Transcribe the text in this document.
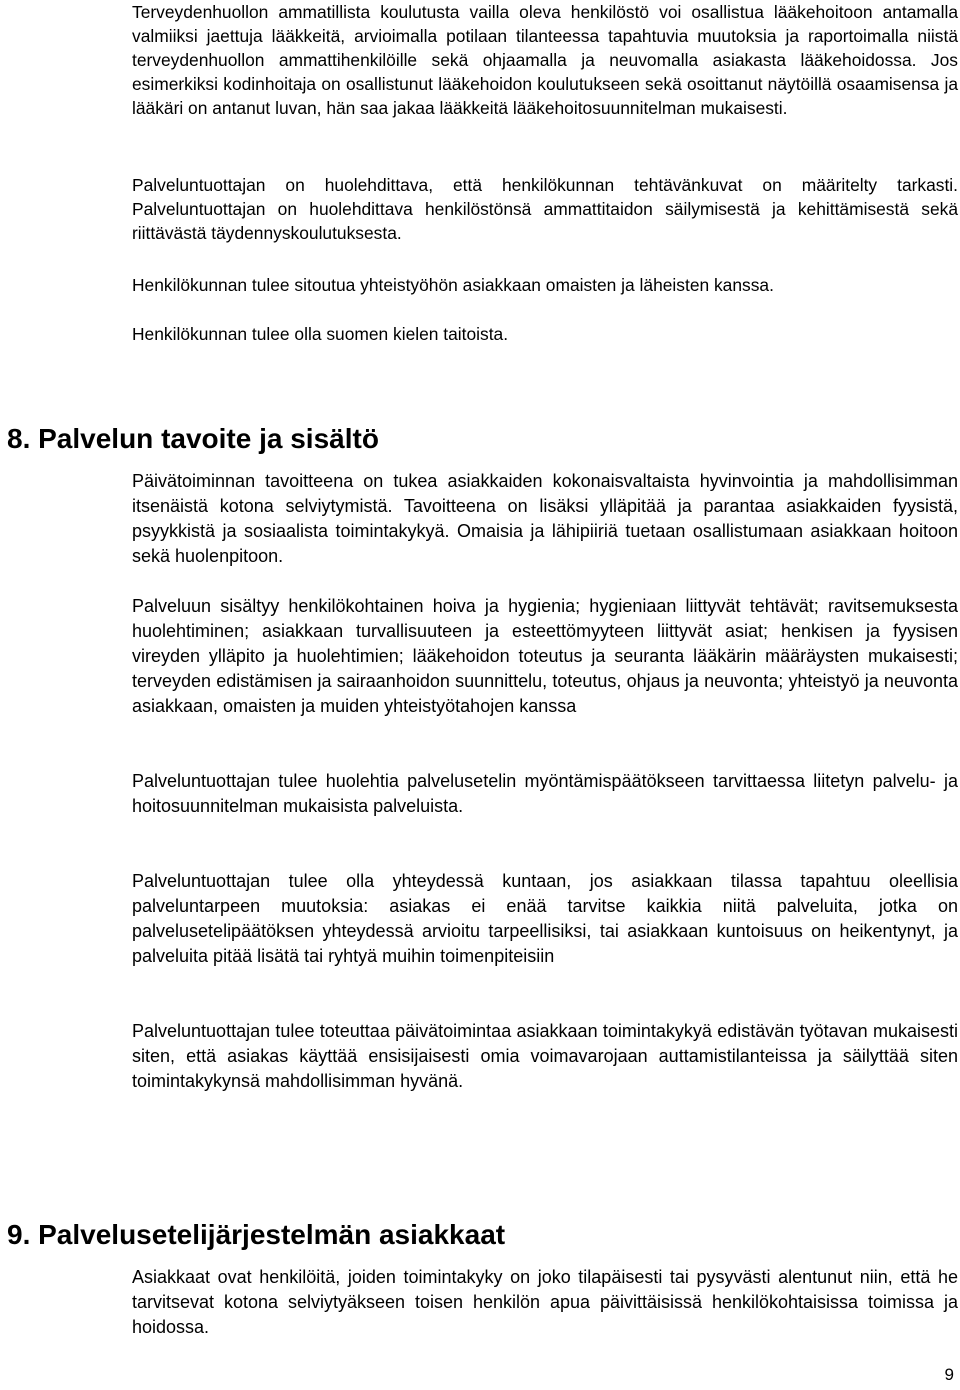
Terveydenhuollon ammatillista koulutusta vailla oleva henkilöstö voi osallistua lääkehoitoon antamalla valmiiksi jaettuja lääkkeitä, arvioimalla potilaan tilanteessa tapahtuvia muutoksia ja raportoimalla niistä terveydenhuollon ammattihenkilöille sekä ohjaamalla ja neuvomalla asiakasta lääkehoidossa. Jos esimerkiksi kodinhoitaja on osallistunut lääkehoidon koulutukseen sekä osoittanut näytöillä osaamisensa ja lääkäri on antanut luvan, hän saa jakaa lääkkeitä lääkehoitosuunnitelman mukaisesti.

Palveluntuottajan on huolehdittava, että henkilökunnan tehtävänkuvat on määritelty tarkasti. Palveluntuottajan on huolehdittava henkilöstönsä ammattitaidon säilymisestä ja kehittämisestä sekä riittävästä täydennyskoulutuksesta.

Henkilökunnan tulee sitoutua yhteistyöhön asiakkaan omaisten ja läheisten kanssa.

Henkilökunnan tulee olla suomen kielen taitoista.

8. Palvelun tavoite ja sisältö

Päivätoiminnan tavoitteena on tukea asiakkaiden kokonaisvaltaista hyvinvointia ja mahdollisimman itsenäistä kotona selviytymistä. Tavoitteena on lisäksi ylläpitää ja parantaa asiakkaiden fyysistä, psyykkistä ja sosiaalista toimintakykyä. Omaisia ja lähipiiriä tuetaan osallistumaan asiakkaan hoitoon sekä huolenpitoon.

Palveluun sisältyy henkilökohtainen hoiva ja hygienia; hygieniaan liittyvät tehtävät; ravitsemuksesta huolehtiminen; asiakkaan turvallisuuteen ja esteettömyyteen liittyvät asiat; henkisen ja fyysisen vireyden ylläpito ja huolehtimien; lääkehoidon toteutus ja seuranta lääkärin määräysten mukaisesti; terveyden edistämisen ja sairaanhoidon suunnittelu, toteutus, ohjaus ja neuvonta; yhteistyö ja neuvonta asiakkaan, omaisten ja muiden yhteistyötahojen kanssa

Palveluntuottajan tulee huolehtia palvelusetelin myöntämispäätökseen tarvittaessa liitetyn palvelu- ja hoitosuunnitelman mukaisista palveluista.

Palveluntuottajan tulee olla yhteydessä kuntaan, jos asiakkaan tilassa tapahtuu oleellisia palveluntarpeen muutoksia: asiakas ei enää tarvitse kaikkia niitä palveluita, jotka on palvelusetelipäätöksen yhteydessä arvioitu tarpeellisiksi, tai asiakkaan kuntoisuus on heikentynyt, ja palveluita pitää lisätä tai ryhtyä muihin toimenpiteisiin

Palveluntuottajan tulee toteuttaa päivätoimintaa asiakkaan toimintakykyä edistävän työtavan mukaisesti siten, että asiakas käyttää ensisijaisesti omia voimavarojaan auttamistilanteissa ja säilyttää siten toimintakykynsä mahdollisimman hyvänä.

9. Palvelusetelijärjestelmän asiakkaat

Asiakkaat ovat henkilöitä, joiden toimintakyky on joko tilapäisesti tai pysyvästi alentunut niin, että he tarvitsevat kotona selviytyäkseen toisen henkilön apua päivittäisissä henkilökohtaisissa toimissa ja hoidossa.

9
